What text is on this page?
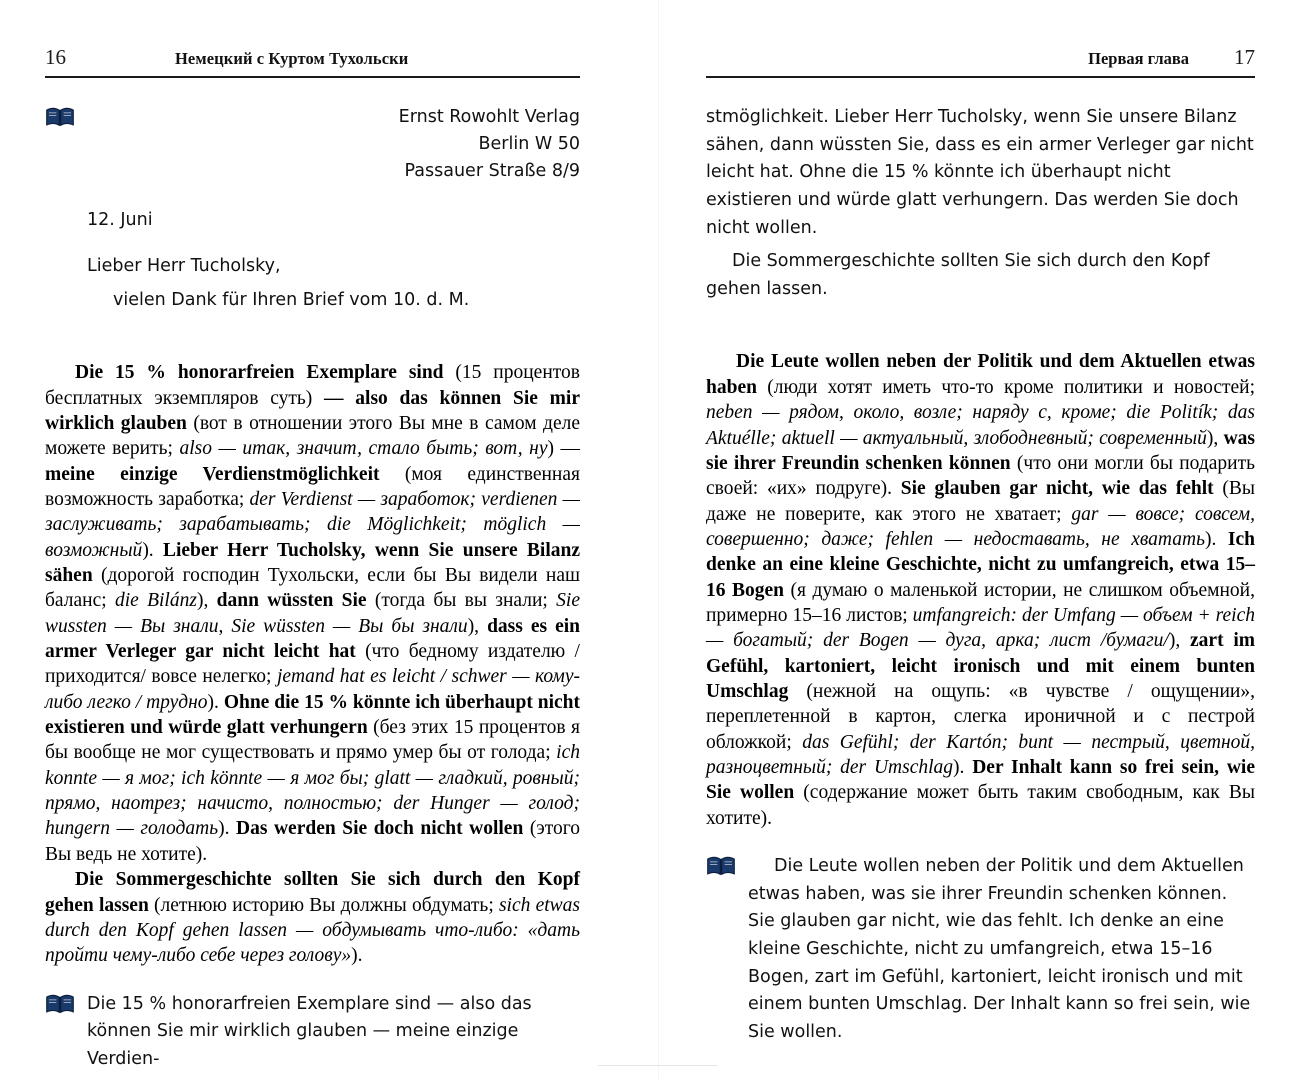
16	Немецкий с Куртом Тухольски
Ernst Rowohlt Verlag
Berlin W 50
Passauer Straße 8/9

12. Juni

Lieber Herr Tucholsky,

vielen Dank für Ihren Brief vom 10. d. M.

Die 15 % honorarfreien Exemplare sind (15 процентов бесплатных экземпляров суть) — also das können Sie mir wirklich glauben (вот в отношении этого Вы мне в самом деле можете верить; also — итак, значит, стало быть; вот, ну) — meine einzige Verdienstmöglichkeit (моя единственная возможность заработка; der Verdienst — заработок; verdienen — заслуживать; зарабатывать; die Möglichkeit; möglich — возможный). Lieber Herr Tucholsky, wenn Sie unsere Bilanz sähen (дорогой господин Тухольски, если бы Вы видели наш баланс; die Bilánz), dann wüssten Sie (тогда бы вы знали; Sie wussten — Вы знали, Sie wüssten — Вы бы знали), dass es ein armer Verleger gar nicht leicht hat (что бедному издателю /приходится/ вовсе нелегко; jemand hat es leicht / schwer — кому-либо легко / трудно). Ohne die 15 % könnte ich überhaupt nicht existieren und würde glatt verhungern (без этих 15 процентов я бы вообще не мог существовать и прямо умер бы от голода; ich konnte — я мог; ich könnte — я мог бы; glatt — гладкий, ровный; прямо, наотрез; начисто, полностью; der Hunger — голод; hungern — голодать). Das werden Sie doch nicht wollen (этого Вы ведь не хотите).

Die Sommergeschichte sollten Sie sich durch den Kopf gehen lassen (летнюю историю Вы должны обдумать; sich etwas durch den Kopf gehen lassen — обдумывать что-либо: «дать пройти чему-либо себе через голову»).

Die 15 % honorarfreien Exemplare sind — also das können Sie mir wirklich glauben — meine einzige Verdien-

Первая глава	17

stmöglichkeit. Lieber Herr Tucholsky, wenn Sie unsere Bilanz sähen, dann wüssten Sie, dass es ein armer Verleger gar nicht leicht hat. Ohne die 15 % könnte ich überhaupt nicht existieren und würde glatt verhungern. Das werden Sie doch nicht wollen.

Die Sommergeschichte sollten Sie sich durch den Kopf gehen lassen.

Die Leute wollen neben der Politik und dem Aktuellen etwas haben (люди хотят иметь что-то кроме политики и новостей; neben — рядом, около, возле; наряду с, кроме; die Politík; das Aktuélle; aktuell — актуальный, злободневный; современный), was sie ihrer Freundin schenken können (что они могли бы подарить своей: «их» подруге). Sie glauben gar nicht, wie das fehlt (Вы даже не поверите, как этого не хватает; gar — вовсе; совсем, совершенно; даже; fehlen — недоставать, не хватать). Ich denke an eine kleine Geschichte, nicht zu umfangreich, etwa 15–16 Bogen (я думаю о маленькой истории, не слишком объемной, примерно 15–16 листов; umfangreich: der Umfang — объем + reich — богатый; der Bogen — дуга, арка; лист /бумаги/), zart im Gefühl, kartoniert, leicht ironisch und mit einem bunten Umschlag (нежной на ощупь: «в чувстве / ощущении», переплетенной в картон, слегка ироничной и с пестрой обложкой; das Gefühl; der Kartón; bunt — пестрый, цветной, разноцветный; der Umschlag). Der Inhalt kann so frei sein, wie Sie wollen (содержание может быть таким свободным, как Вы хотите).

Die Leute wollen neben der Politik und dem Aktuellen etwas haben, was sie ihrer Freundin schenken können. Sie glauben gar nicht, wie das fehlt. Ich denke an eine kleine Geschichte, nicht zu umfangreich, etwa 15–16 Bogen, zart im Gefühl, kartoniert, leicht ironisch und mit einem bunten Umschlag. Der Inhalt kann so frei sein, wie Sie wollen.
